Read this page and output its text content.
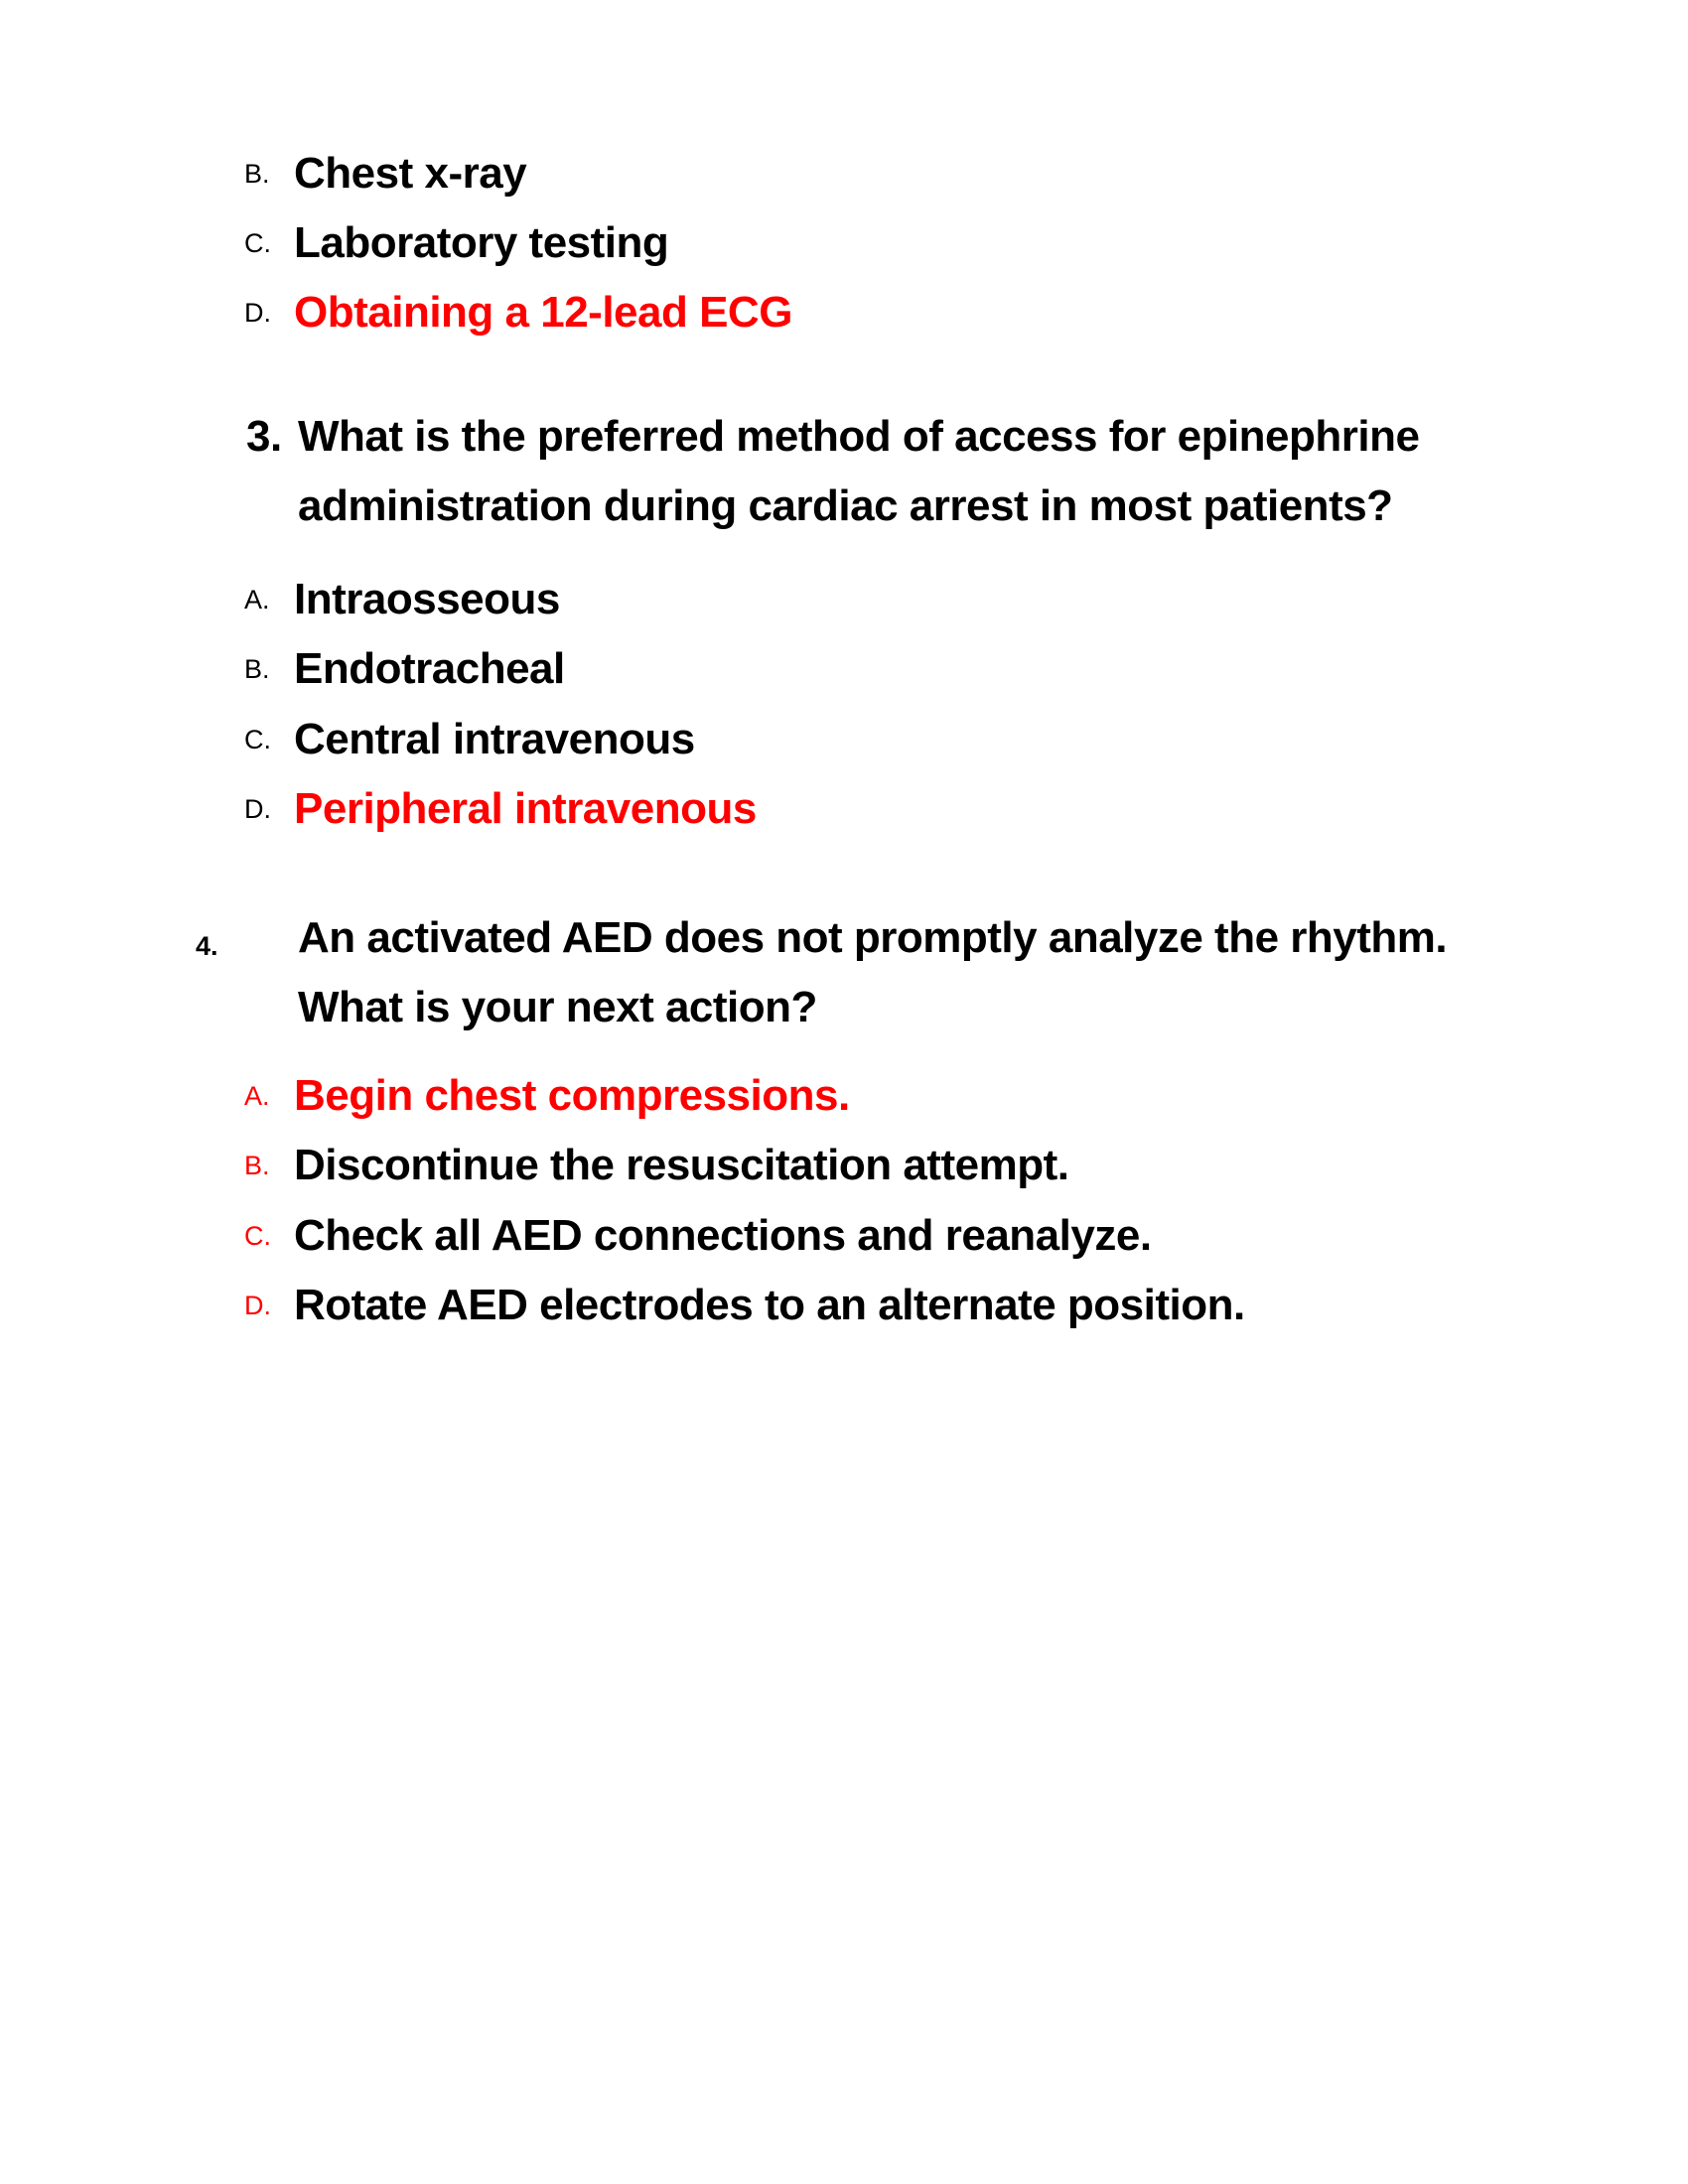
B. Chest x-ray
C. Laboratory testing
D. Obtaining a 12-lead ECG
3. What is the preferred method of access for epinephrine
administration during cardiac arrest in most patients?
A. Intraosseous
B. Endotracheal
C. Central intravenous
D. Peripheral intravenous
4. An activated AED does not promptly analyze the rhythm.
What is your next action?
A. Begin chest compressions.
B. Discontinue the resuscitation attempt.
C. Check all AED connections and reanalyze.
D. Rotate AED electrodes to an alternate position.
